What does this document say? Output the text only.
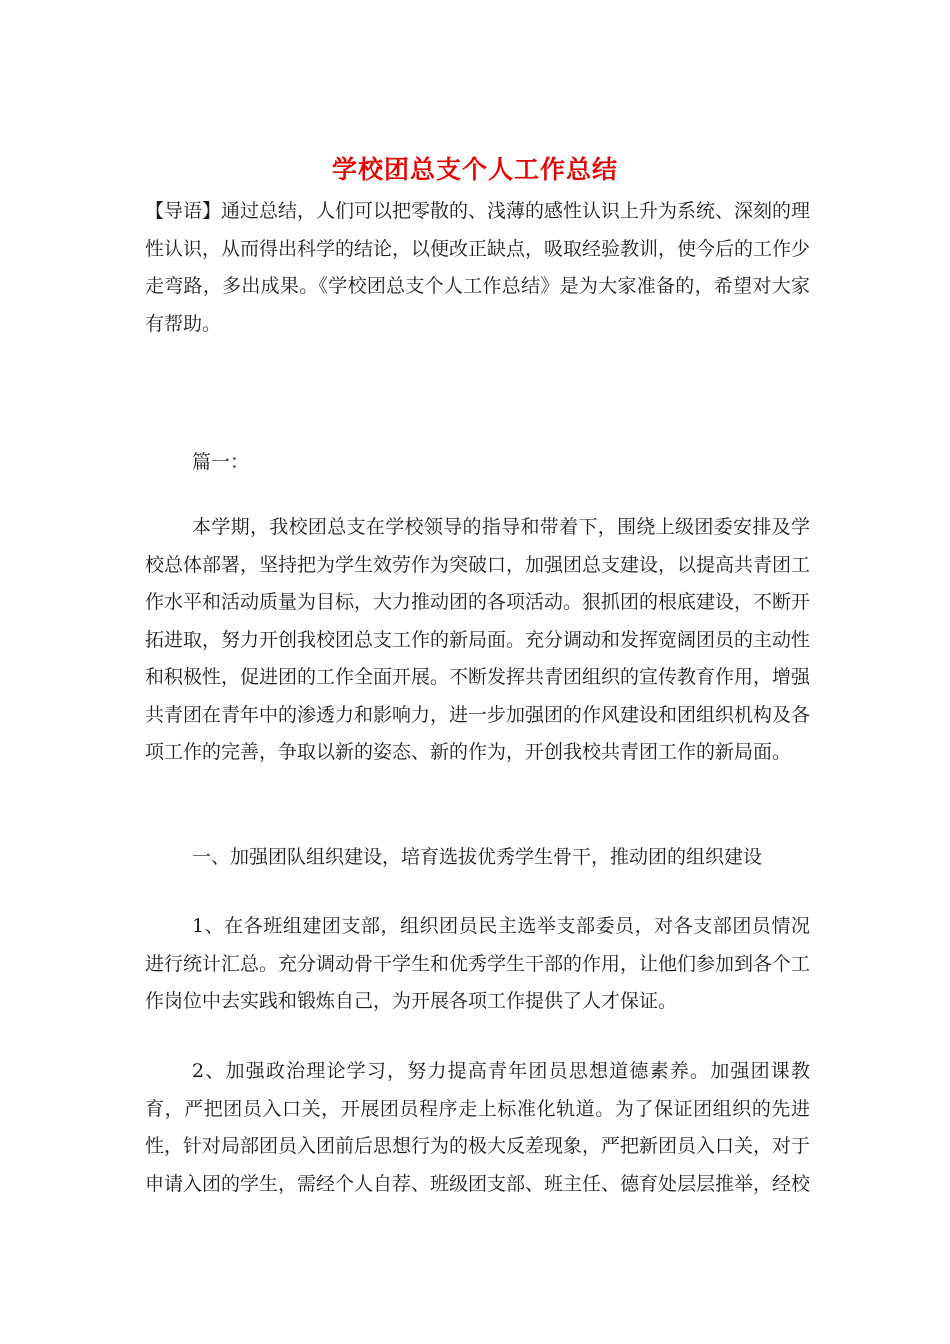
学校团总支个人工作总结

【导语】通过总结，人们可以把零散的、浅薄的感性认识上升为系统、深刻的理性认识，从而得出科学的结论，以便改正缺点，吸取经验教训，使今后的工作少走弯路，多出成果。《学校团总支个人工作总结》是为大家准备的，希望对大家有帮助。

篇一：

本学期，我校团总支在学校领导的指导和带着下，围绕上级团委安排及学校总体部署，坚持把为学生效劳作为突破口，加强团总支建设，以提高共青团工作水平和活动质量为目标，大力推动团的各项活动。狠抓团的根底建设，不断开拓进取，努力开创我校团总支工作的新局面。充分调动和发挥宽阔团员的主动性和积极性，促进团的工作全面开展。不断发挥共青团组织的宣传教育作用，增强共青团在青年中的渗透力和影响力，进一步加强团的作风建设和团组织机构及各项工作的完善，争取以新的姿态、新的作为，开创我校共青团工作的新局面。

一、加强团队组织建设，培育选拔优秀学生骨干，推动团的组织建设

1、在各班组建团支部，组织团员民主选举支部委员，对各支部团员情况进行统计汇总。充分调动骨干学生和优秀学生干部的作用，让他们参加到各个工作岗位中去实践和锻炼自己，为开展各项工作提供了人才保证。

2、加强政治理论学习，努力提高青年团员思想道德素养。加强团课教育，严把团员入口关，开展团员程序走上标准化轨道。为了保证团组织的先进性，针对局部团员入团前后思想行为的极大反差现象，严把新团员入口关，对于申请入团的学生，需经个人自荐、班级团支部、班主任、德育处层层推举，经校
